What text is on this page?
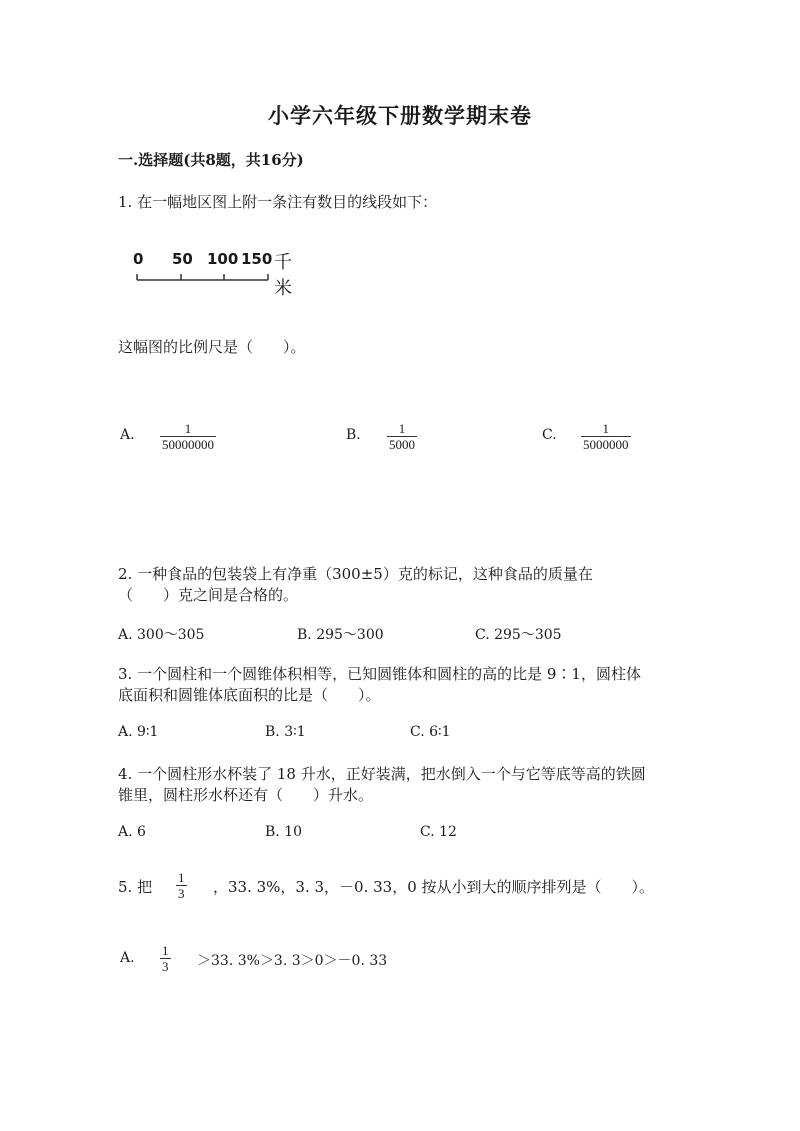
小学六年级下册数学期末卷
一.选择题(共8题，共16分)
1. 在一幅地区图上附一条注有数目的线段如下：
0 50 100 150 千米
这幅图的比例尺是（　　）。
A. $\frac{1}{50000000}$	B. $\frac{1}{5000}$	C. $\frac{1}{5000000}$
2. 一种食品的包装袋上有净重（300±5）克的标记，这种食品的质量在
（　　）克之间是合格的。
A. 300～305	B. 295～300	C. 295～305
3. 一个圆柱和一个圆锥体积相等，已知圆锥体和圆柱的高的比是 9∶1，圆柱体
底面积和圆锥体底面积的比是（　　）。
A. 9∶1	B. 3∶1	C. 6∶1
4. 一个圆柱形水杯装了 18 升水，正好装满，把水倒入一个与它等底等高的铁圆
锥里，圆柱形水杯还有（　　）升水。
A. 6	B. 10	C. 12
5. 把 $\frac{1}{3}$ ，33. 3%，3. 3，－0. 33，0 按从小到大的顺序排列是（　　）。
A. $\frac{1}{3} >33$. 3%＞3. 3＞0＞－0. 33
